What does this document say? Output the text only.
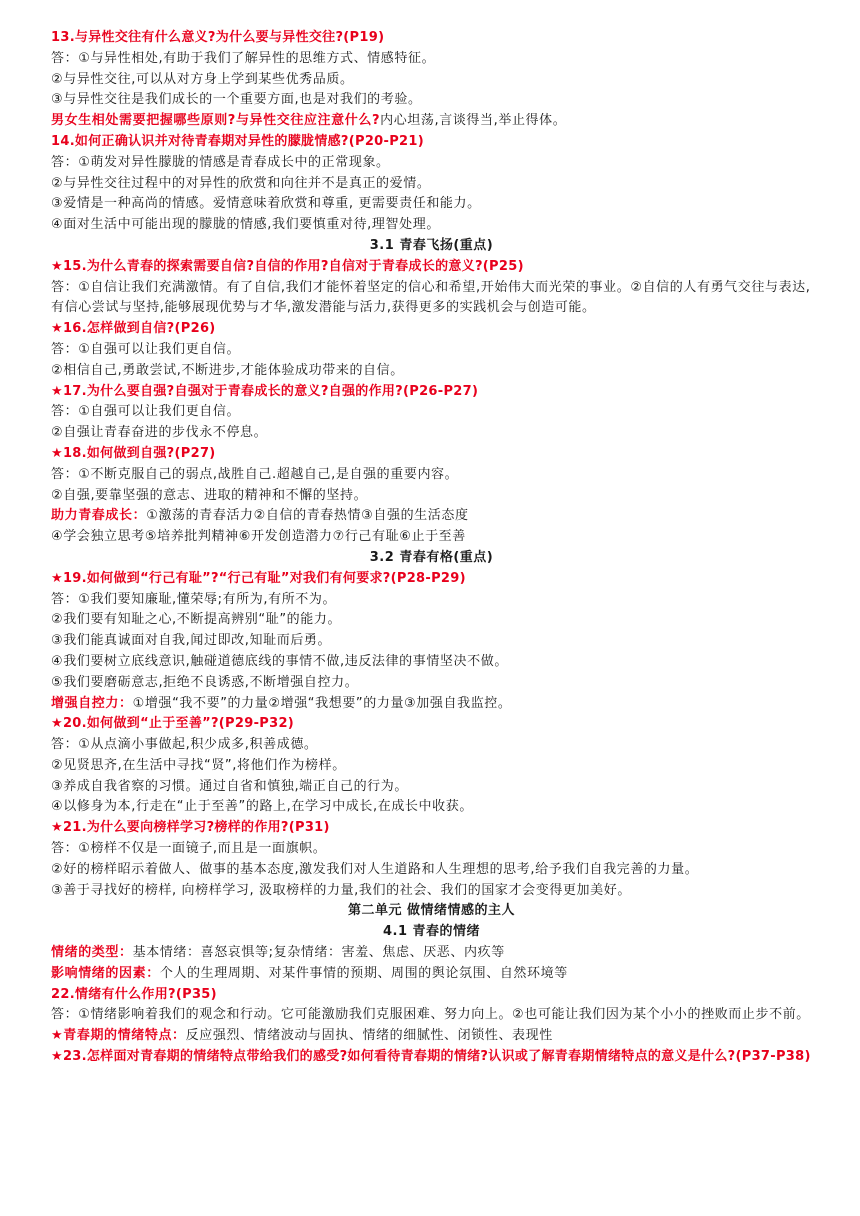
13.与异性交往有什么意义?为什么要与异性交往?(P19)

答：①与异性相处,有助于我们了解异性的思维方式、情感特征。

②与异性交往,可以从对方身上学到某些优秀品质。

③与异性交往是我们成长的一个重要方面,也是对我们的考验。

男女生相处需要把握哪些原则?与异性交往应注意什么?内心坦荡,言谈得当,举止得体。

14.如何正确认识并对待青春期对异性的朦胧情感?(P20-P21)

答：①萌发对异性朦胧的情感是青春成长中的正常现象。

②与异性交往过程中的对异性的欣赏和向往并不是真正的爱情。

③爱情是一种高尚的情感。爱情意味着欣赏和尊重, 更需要责任和能力。

④面对生活中可能出现的朦胧的情感,我们要慎重对待,理智处理。

3.1 青春飞扬(重点)

★15.为什么青春的探索需要自信?自信的作用?自信对于青春成长的意义?(P25)

答：①自信让我们充满激情。有了自信,我们才能怀着坚定的信心和希望,开始伟大而光荣的事业。②自信的人有勇气交往与表达,有信心尝试与坚持,能够展现优势与才华,激发潜能与活力,获得更多的实践机会与创造可能。

★16.怎样做到自信?(P26)

答：①自强可以让我们更自信。

②相信自己,勇敢尝试,不断进步,才能体验成功带来的自信。

★17.为什么要自强?自强对于青春成长的意义?自强的作用?(P26-P27)

答：①自强可以让我们更自信。

②自强让青春奋进的步伐永不停息。

★18.如何做到自强?(P27)

答：①不断克服自己的弱点,战胜自己.超越自己,是自强的重要内容。

②自强,要靠坚强的意志、进取的精神和不懈的坚持。

助力青春成长：①激荡的青春活力②自信的青春热情③自强的生活态度

④学会独立思考⑤培养批判精神⑥开发创造潜力⑦行己有耻⑥止于至善

3.2 青春有格(重点)

★19.如何做到“行己有耻”?“行己有耻”对我们有何要求?(P28-P29)

答：①我们要知廉耻,懂荣辱;有所为,有所不为。

②我们要有知耻之心,不断提高辨别“耻”的能力。

③我们能真诚面对自我,闻过即改,知耻而后勇。

④我们要树立底线意识,触碰道德底线的事情不做,违反法律的事情坚决不做。

⑤我们要磨砺意志,拒绝不良诱惑,不断增强自控力。

增强自控力：①增强“我不要”的力量②增强“我想要”的力量③加强自我监控。

★20.如何做到“止于至善”?(P29-P32)

答：①从点滴小事做起,积少成多,积善成德。

②见贤思齐,在生活中寻找“贤”,将他们作为榜样。

③养成自我省察的习惯。通过自省和慎独,端正自己的行为。

④以修身为本,行走在“止于至善”的路上,在学习中成长,在成长中收获。

★21.为什么要向榜样学习?榜样的作用?(P31)

答：①榜样不仅是一面镜子,而且是一面旗帜。

②好的榜样昭示着做人、做事的基本态度,激发我们对人生道路和人生理想的思考,给予我们自我完善的力量。

③善于寻找好的榜样, 向榜样学习, 汲取榜样的力量,我们的社会、我们的国家才会变得更加美好。

第二单元 做情绪情感的主人

4.1 青春的情绪

情绪的类型：基本情绪：喜怒哀惧等;复杂情绪：害羞、焦虑、厌恶、内疚等

影响情绪的因素：个人的生理周期、对某件事情的预期、周围的舆论氛围、自然环境等

22.情绪有什么作用?(P35)

答：①情绪影响着我们的观念和行动。它可能激励我们克服困难、努力向上。②也可能让我们因为某个小小的挫败而止步不前。

★青春期的情绪特点：反应强烈、情绪波动与固执、情绪的细腻性、闭锁性、表现性

★23.怎样面对青春期的情绪特点带给我们的感受?如何看待青春期的情绪?认识或了解青春期情绪特点的意义是什么?(P37-P38)
